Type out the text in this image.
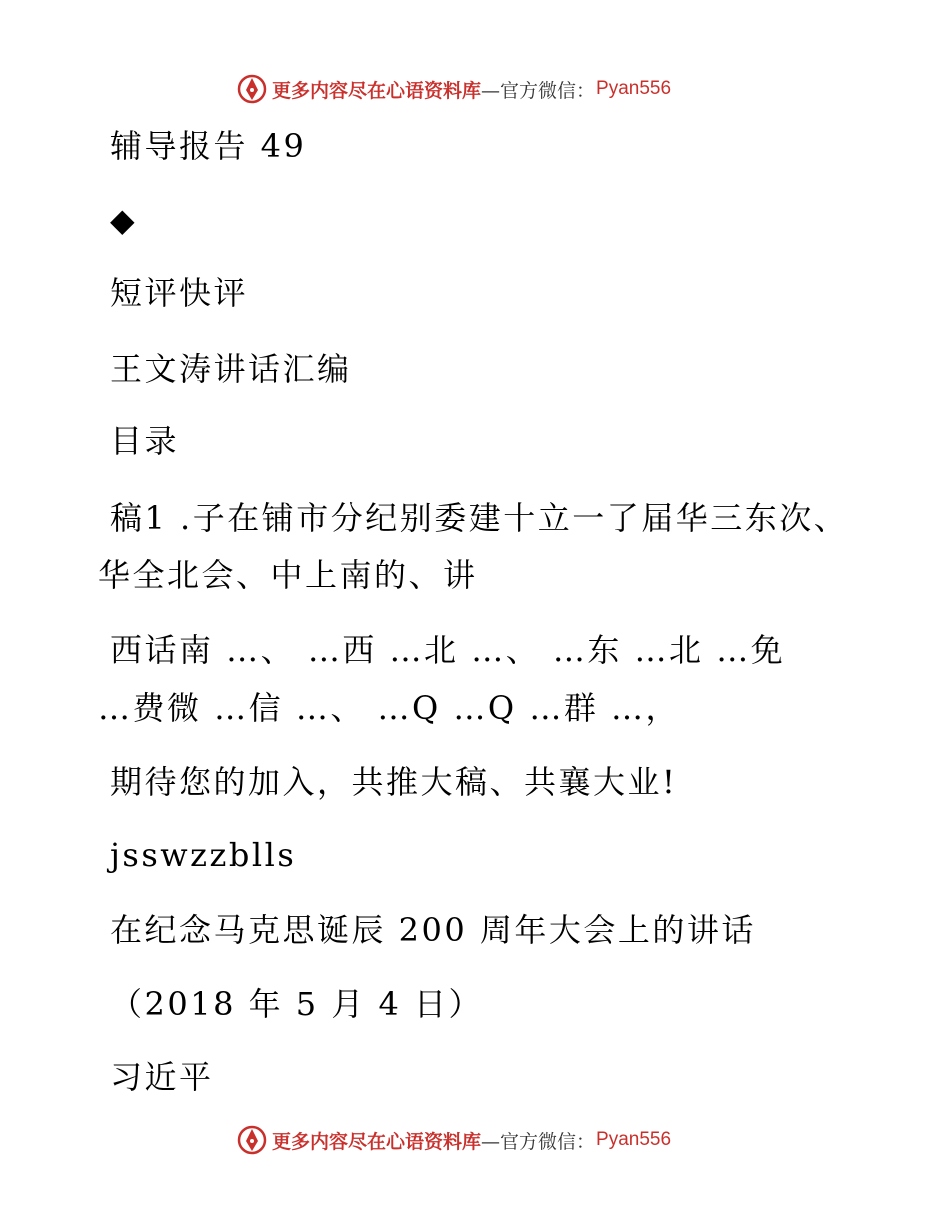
更多内容尽在心语资料库 —官方微信： Pyan556
辅导报告 49
◆
短评快评
王文涛讲话汇编
目录
稿1 .子在铺市分纪别委建十立一了届华三东次、
华全北会、中上南的、讲
西话南 …、 …西 …北 …、 …东 …北 …免
…费微 …信 …、 …Q …Q …群 …，
期待您的加入，共推大稿、共襄大业!
jsswzzblls
在纪念马克思诞辰 200 周年大会上的讲话
（2018 年 5 月 4 日）
习近平
更多内容尽在心语资料库 —官方微信： Pyan556
